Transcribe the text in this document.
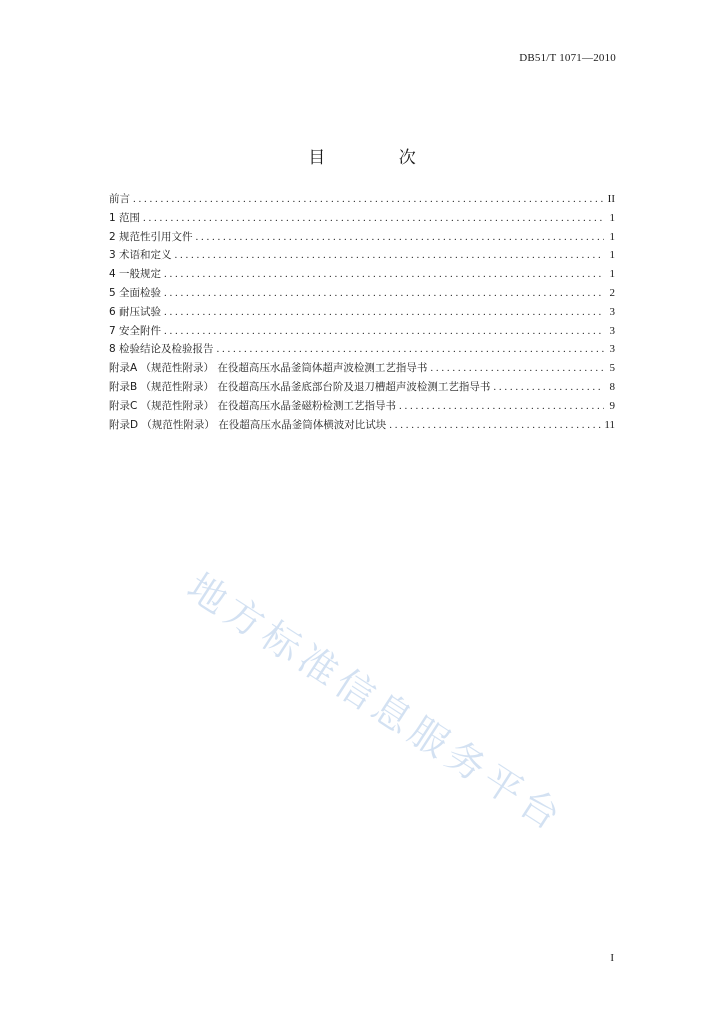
DB51/T 1071—2010
目 次
前言 . . .	II
1 范围 . . .	1
2 规范性引用文件 . . .	1
3 术语和定义 . . .	1
4 一般规定 . . .	1
5 全面检验 . . .	2
6 耐压试验 . . .	3
7 安全附件 . . .	3
8 检验结论及检验报告 . . .	3
附录A （规范性附录） 在役超高压水晶釜筒体超声波检测工艺指导书 . . .	5
附录B （规范性附录） 在役超高压水晶釜底部台阶及退刀槽超声波检测工艺指导书 . . .	8
附录C （规范性附录） 在役超高压水晶釜磁粉检测工艺指导书 . . .	9
附录D （规范性附录） 在役超高压水晶釜筒体横波对比试块 . . .	11
地方标准信息服务平台
I
